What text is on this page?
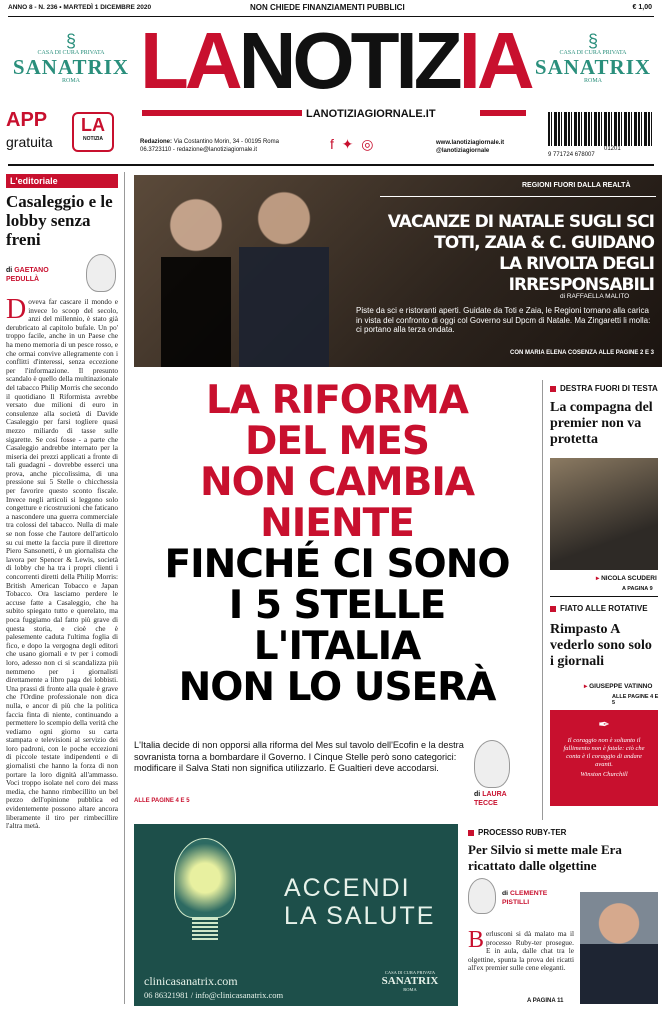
ANNO 8 - N. 236 • MARTEDÌ 1 DICEMBRE 2020	NON CHIEDE FINANZIAMENTI PUBBLICI	€ 1,00
§
CASA DI CURA PRIVATA
SANATRIX
ROMA
§
CASA DI CURA PRIVATA
SANATRIX
ROMA
LANOTIZIA
LANOTIZIAGIORNALE.IT
APP
gratuita
LA
NOTIZIA	Redazione: Via Costantino Morin, 34 - 00195 Roma
06.3723110 - redazione@lanotiziagiornale.it	f ✦ ◎	www.lanotiziagiornale.it
@lanotiziagiornale	01201
9 771724 678007
L'editoriale
Casaleggio e le lobby senza freni
di GAETANO PEDULLÀ
D oveva far cascare il mondo e invece lo scoop del secolo, anzi del millennio, è stato già derubricato al capitolo bufale. Un po' troppo facile, anche in un Paese che ha meno memoria di un pesce rosso, e che ormai convive allegramente con i conflitti d'interessi, senza eccezione per l'informazione. Il presunto scandalo è quello della multinazionale del tabacco Philip Morris che secondo il quotidiano Il Riformista avrebbe versato due milioni di euro in consulenze alla società di Davide Casaleggio per farsi togliere quasi mezzo miliardo di tasse sulle sigarette. Se così fosse - a parte che Casaleggio andrebbe internato per la miseria dei prezzi applicati a fronte di tali guadagni - dovrebbe esserci una prova, anche piccolissima, di una pressione sui 5 Stelle o chicchessia per favorire questo sconto fiscale. Invece negli articoli si leggono solo congetture e ricostruzioni che faticano a nascondere una guerra commerciale tra colossi del tabacco. Nulla di male se non fosse che l'autore dell'articolo su cui mette la faccia pure il direttore Piero Sansonetti, è un giornalista che lavora per Spencer & Lewis, società di lobby che ha tra i propri clienti i concorrenti diretti della Philip Morris: British American Tobacco e Japan Tobacco. Ora lasciamo perdere le accuse fatte a Casaleggio, che ha subito spiegato tutto e querelato, ma poca fuggiamo dal fatto più grave di questa storia, e cioè che è palesemente caduta l'ultima foglia di fico, e dopo la vergogna degli editori che usano giornali e tv per i comodi loro, adesso non ci si scandalizza più nemmeno per i giornalisti direttamente a libro paga dei lobbisti. Una prassi di fronte alla quale è grave che l'Ordine professionale non dica nulla, e ancor di più che la politica faccia finta di niente, continuando a permettere lo scempio della verità che vediamo ogni giorno su carta stampata e televisioni al servizio dei loro padroni, con le poche eccezioni di piccole testate indipendenti e di giornalisti che hanno la forza di non portare la loro dignità all'ammasso. Voci troppo isolate nel coro dei mass media, che hanno rimbecillito un bel pezzo dell'opinione pubblica ed evidentemente possono altare ancora liberamente il tiro per rimbecillire l'altra metà.
REGIONI FUORI DALLA REALTÀ
VACANZE DI NATALE SUGLI SCI
TOTI, ZAIA & C. GUIDANO
LA RIVOLTA DEGLI IRRESPONSABILI
di RAFFAELLA MALITO
Piste da sci e ristoranti aperti. Guidate da Toti e Zaia, le Regioni tornano alla carica in vista del confronto di oggi col Governo sul Dpcm di Natale. Ma Zingaretti li molla: ci portano alla terza ondata.
CON MARIA ELENA COSENZA ALLE PAGINE 2 E 3
LA RIFORMA
DEL MES
NON CAMBIA
NIENTE
FINCHÉ CI SONO
I 5 STELLE
L'ITALIA
NON LO USERÀ
L'Italia decide di non opporsi alla riforma del Mes sul tavolo dell'Ecofin e la destra sovranista torna a bombardare il Governo. I Cinque Stelle però sono categorici: modificare il Salva Stati non significa utilizzarlo. E Gualtieri deve accodarsi.
ALLE PAGINE 4 E 5
di LAURA TECCE
DESTRA FUORI DI TESTA
La compagna del premier non va protetta
▸ NICOLA SCUDERI
A PAGINA 9
FIATO ALLE ROTATIVE
Rimpasto A vederlo sono solo i giornali
▸ GIUSEPPE VATINNO
ALLE PAGINE 4 E 5
✒
Il coraggio non è soltanto il fallimento non è fatale: ciò che conta è il coraggio di andare avanti.
Winston Churchill
ACCENDI
LA SALUTE
clinicasanatrix.com
06 86321981 / info@clinicasanatrix.com
CASA DI CURA PRIVATA
SANATRIX
ROMA
PROCESSO RUBY-TER
Per Silvio si mette male Era ricattato dalle olgettine
di CLEMENTE PISTILLI
B erlusconi si dà malato ma il processo Ruby-ter prosegue. E in aula, dalle chat tra le olgettine, spunta la prova dei ricatti all'ex premier sulle cene eleganti.
A PAGINA 11
